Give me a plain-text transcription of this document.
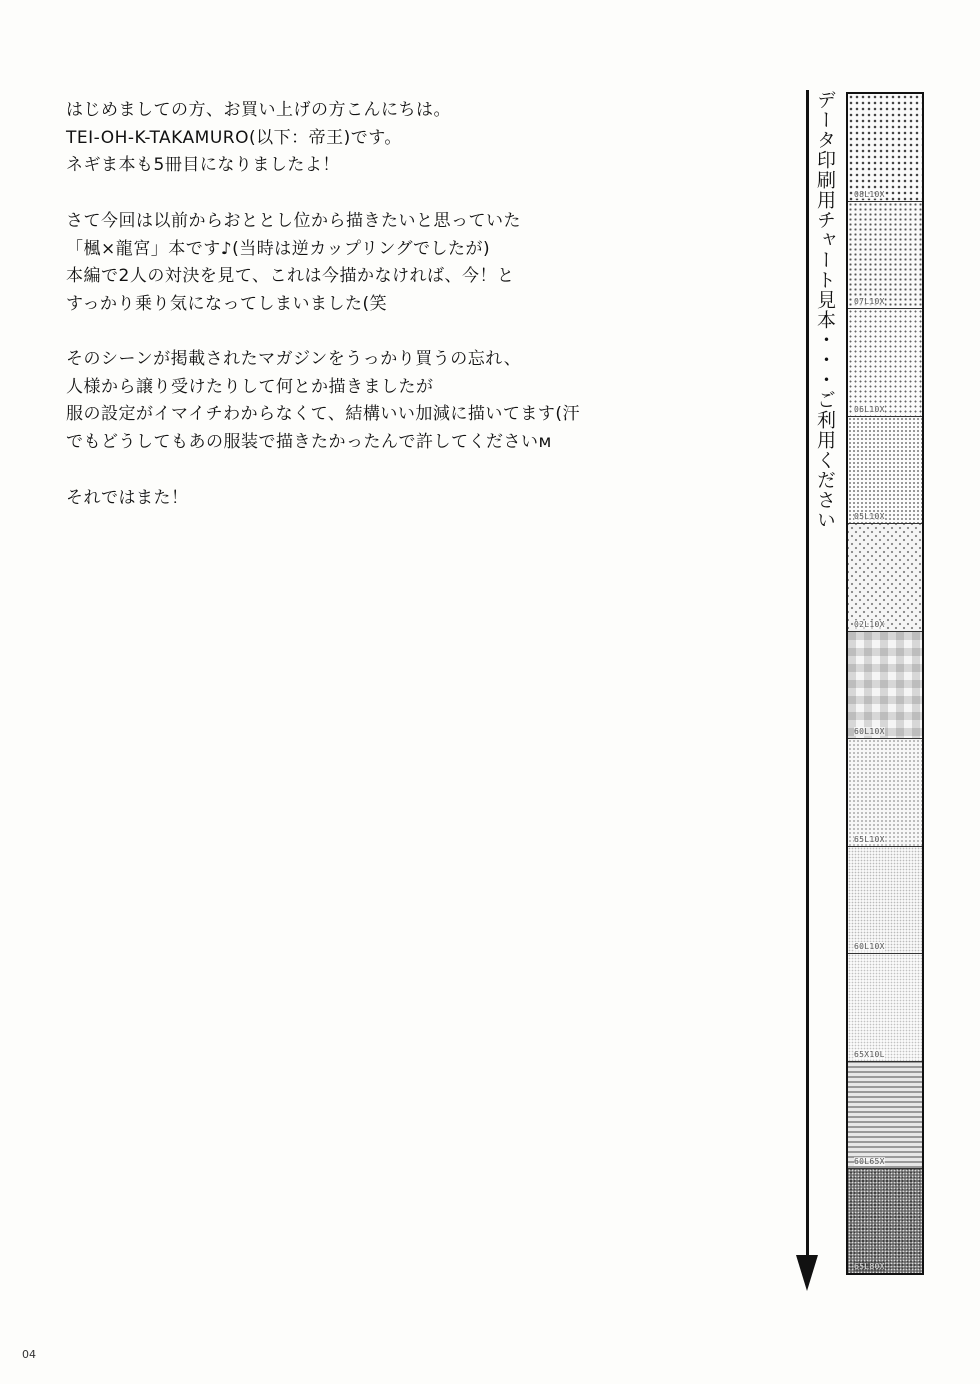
はじめましての方、お買い上げの方こんにちは。
TEI-OH-K-TAKAMURO(以下：帝王)です。
ネギま本も5冊目になりましたよ！

さて今回は以前からおととし位から描きたいと思っていた
「楓×龍宮」本です♪(当時は逆カップリングでしたが)
本編で2人の対決を見て、これは今描かなければ、今！と
すっかり乗り気になってしまいました(笑

そのシーンが掲載されたマガジンをうっかり買うの忘れ、
人様から譲り受けたりして何とか描きましたが
服の設定がイマイチわからなくて、結構いい加減に描いてます(汗
でもどうしてもあの服装で描きたかったんで許してくださいм

それではまた！	データ印刷用チャート見本・・・ご利用ください 08L10X
07L10X
06L10X
05L10X
02L10X
60L10X
65L10X
60L10X
65X10L
60L65X
65L80X
04
